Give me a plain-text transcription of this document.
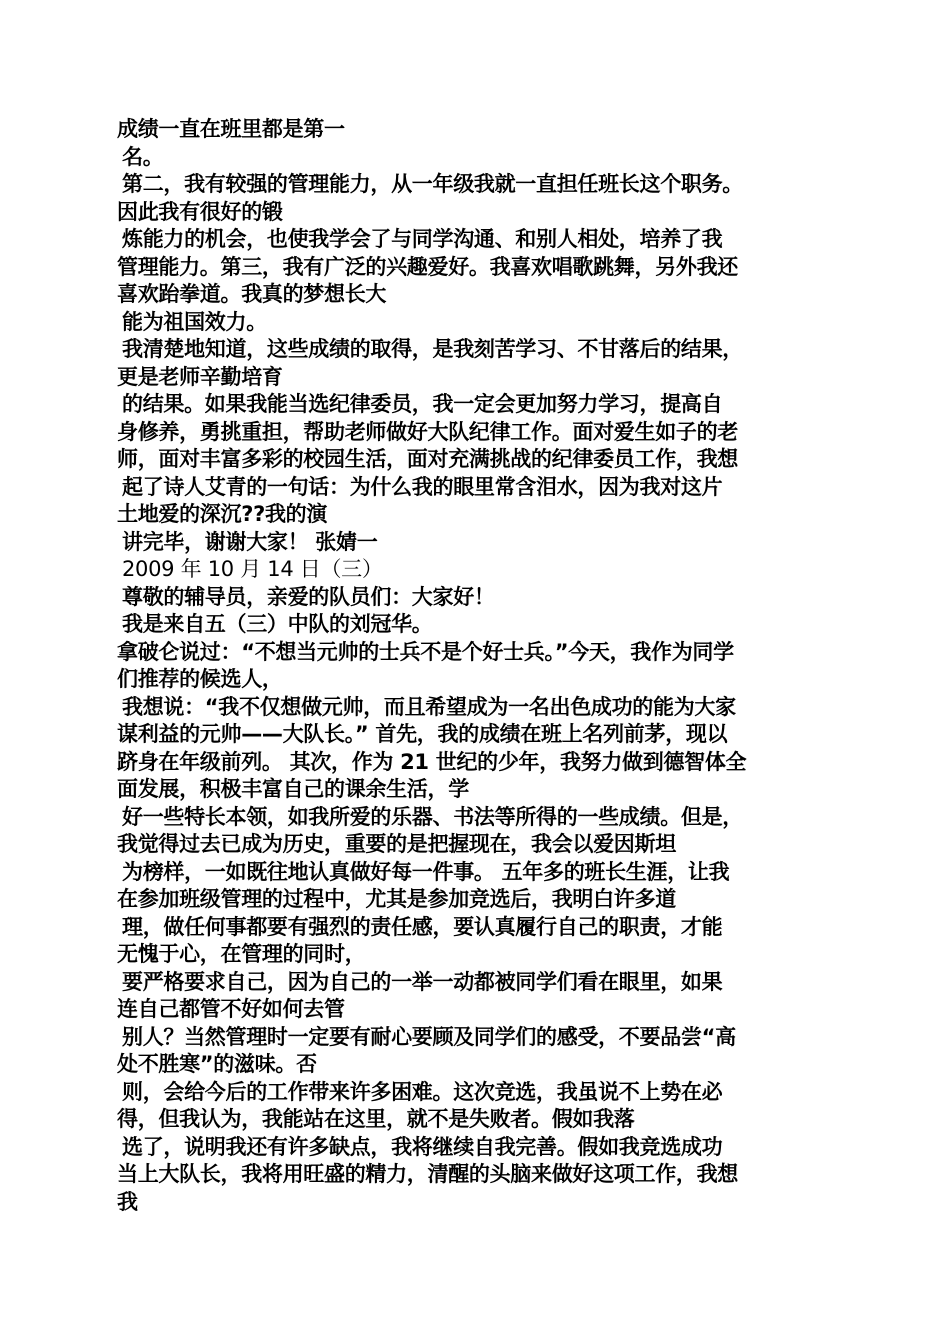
成绩一直在班里都是第一
名。
第二，我有较强的管理能力，从一年级我就一直担任班长这个职务。
因此我有很好的锻
炼能力的机会，也使我学会了与同学沟通、和别人相处，培养了我
管理能力。第三，我有广泛的兴趣爱好。我喜欢唱歌跳舞，另外我还
喜欢跆拳道。我真的梦想长大
能为祖国效力。
我清楚地知道，这些成绩的取得，是我刻苦学习、不甘落后的结果，
更是老师辛勤培育
的结果。如果我能当选纪律委员，我一定会更加努力学习，提高自
身修养，勇挑重担，帮助老师做好大队纪律工作。面对爱生如子的老
师，面对丰富多彩的校园生活，面对充满挑战的纪律委员工作，我想
起了诗人艾青的一句话：为什么我的眼里常含泪水，因为我对这片
土地爱的深沉??我的演
讲完毕，谢谢大家！ 张婧一
2009 年 10 月 14 日（三）
尊敬的辅导员，亲爱的队员们：大家好！
我是来自五（三）中队的刘冠华。
拿破仑说过：“不想当元帅的士兵不是个好士兵。”今天，我作为同学
们推荐的候选人，
我想说：“我不仅想做元帅，而且希望成为一名出色成功的能为大家
谋利益的元帅——大队长。” 首先，我的成绩在班上名列前茅，现以
跻身在年级前列。 其次，作为 21 世纪的少年，我努力做到德智体全
面发展，积极丰富自己的课余生活，学
好一些特长本领，如我所爱的乐器、书法等所得的一些成绩。但是，
我觉得过去已成为历史，重要的是把握现在，我会以爱因斯坦
为榜样，一如既往地认真做好每一件事。 五年多的班长生涯，让我
在参加班级管理的过程中，尤其是参加竞选后，我明白许多道
理，做任何事都要有强烈的责任感，要认真履行自己的职责，才能
无愧于心，在管理的同时，
要严格要求自己，因为自己的一举一动都被同学们看在眼里，如果
连自己都管不好如何去管
别人？当然管理时一定要有耐心要顾及同学们的感受，不要品尝“高
处不胜寒”的滋味。否
则，会给今后的工作带来许多困难。这次竞选，我虽说不上势在必
得，但我认为，我能站在这里，就不是失败者。假如我落
选了，说明我还有许多缺点，我将继续自我完善。假如我竞选成功
当上大队长，我将用旺盛的精力，清醒的头脑来做好这项工作，我想
我
